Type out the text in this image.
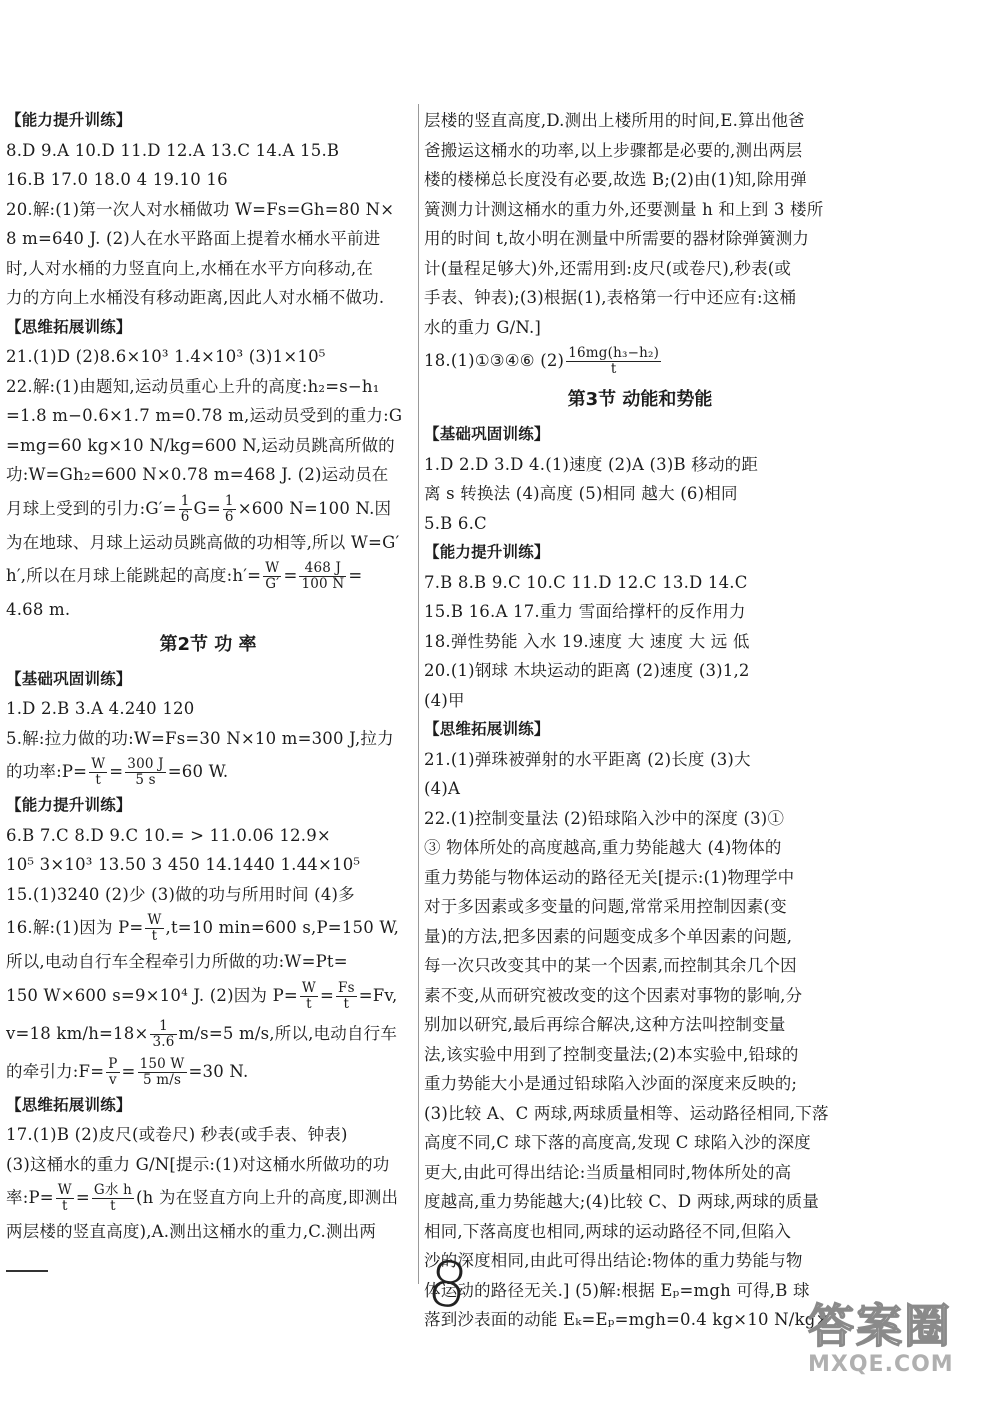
【能力提升训练】
8.D 9.A 10.D 11.D 12.A 13.C 14.A 15.B
16.B 17.0 18.0 4 19.10 16
20.解:(1)第一次人对水桶做功 W=Fs=Gh=80 N×
8 m=640 J. (2)人在水平路面上提着水桶水平前进
时,人对水桶的力竖直向上,水桶在水平方向移动,在
力的方向上水桶没有移动距离,因此人对水桶不做功.
【思维拓展训练】
21.(1)D (2)8.6×10³ 1.4×10³ (3)1×10⁵
22.解:(1)由题知,运动员重心上升的高度:h₂=s−h₁
=1.8 m−0.6×1.7 m=0.78 m,运动员受到的重力:G
=mg=60 kg×10 N/kg=600 N,运动员跳高所做的
功:W=Gh₂=600 N×0.78 m=468 J. (2)运动员在
月球上受到的引力:G′= $\frac{1}{6} G= \frac{1}{6} \times 600$ N=100 N.因
为在地球、月球上运动员跳高做的功相等,所以 W=G′
h′,所以在月球上能跳起的高度:h′= $\frac{W}{G'} = \frac{468 J}{100 N}$ =
4.68 m.
第2节 功 率
【基础巩固训练】
1.D 2.B 3.A 4.240 120
5.解:拉力做的功:W=Fs=30 N×10 m=300 J,拉力
的功率:P= $\frac{W}{t} = \frac{300 J}{5 s} =60$ W.
【能力提升训练】
6.B 7.C 8.D 9.C 10.= > 11.0.06 12.9×
10⁵ 3×10³ 13.50 3 450 14.1440 1.44×10⁵
15.(1)3240 (2)少 (3)做的功与所用时间 (4)多
16.解:(1)因为 $P= \frac{W}{t} ,t=10$ min=600 s,P=150 W,
所以,电动自行车全程牵引力所做的功:W=Pt=
150 W×600 s=9×10⁴ J. (2)因为 $P= \frac{W}{t} = \frac{Fs}{t} =Fv$,
v=18 $km/h=18\times \frac{1}{3.6} m/s=5$ m/s,所以,电动自行车
的牵引力:F= $\frac{P}{v} = \frac{150 W}{5 m/s} =30$ N.
【思维拓展训练】
17.(1)B (2)皮尺(或卷尺) 秒表(或手表、钟表)
(3)这桶水的重力 G/N[提示:(1)对这桶水所做功的功
率:P= $\frac{W}{t} = \frac{\text{G水 h}}{t} (h$ 为在竖直方向上升的高度,即测出
两层楼的竖直高度),A.测出这桶水的重力,C.测出两
层楼的竖直高度,D.测出上楼所用的时间,E.算出他爸
爸搬运这桶水的功率,以上步骤都是必要的,测出两层
楼的楼梯总长度没有必要,故选 B;(2)由(1)知,除用弹
簧测力计测这桶水的重力外,还要测量 h 和上到 3 楼所
用的时间 t,故小明在测量中所需要的器材除弹簧测力
计(量程足够大)外,还需用到:皮尺(或卷尺),秒表(或
手表、钟表);(3)根据(1),表格第一行中还应有:这桶
水的重力 G/N.]
18.(1)①③④⑥ $(2) \frac{\text{16mg(h₃−h₂)}}{t}$
第3节 动能和势能
【基础巩固训练】
1.D 2.D 3.D 4.(1)速度 (2)A (3)B 移动的距
离 s 转换法 (4)高度 (5)相同 越大 (6)相同
5.B 6.C
【能力提升训练】
7.B 8.B 9.C 10.C 11.D 12.C 13.D 14.C
15.B 16.A 17.重力 雪面给撑杆的反作用力
18.弹性势能 入水 19.速度 大 速度 大 远 低
20.(1)钢球 木块运动的距离 (2)速度 (3)1,2
(4)甲
【思维拓展训练】
21.(1)弹珠被弹射的水平距离 (2)长度 (3)大
(4)A
22.(1)控制变量法 (2)铅球陷入沙中的深度 (3)①
③ 物体所处的高度越高,重力势能越大 (4)物体的
重力势能与物体运动的路径无关[提示:(1)物理学中
对于多因素或多变量的问题,常常采用控制因素(变
量)的方法,把多因素的问题变成多个单因素的问题,
每一次只改变其中的某一个因素,而控制其余几个因
素不变,从而研究被改变的这个因素对事物的影响,分
别加以研究,最后再综合解决,这种方法叫控制变量
法,该实验中用到了控制变量法;(2)本实验中,铅球的
重力势能大小是通过铅球陷入沙面的深度来反映的;
(3)比较 A、C 两球,两球质量相等、运动路径相同,下落
高度不同,C 球下落的高度高,发现 C 球陷入沙的深度
更大,由此可得出结论:当质量相同时,物体所处的高
度越高,重力势能越大;(4)比较 C、D 两球,两球的质量
相同,下落高度也相同,两球的运动路径不同,但陷入
沙的深度相同,由此可得出结论:物体的重力势能与物
体运动的路径无关.] (5)解:根据 Eₚ=mgh 可得,B 球
落到沙表面的动能 Eₖ=Eₚ=mgh=0.4 kg×10 N/kg×
8
答案圈
MXQE.COM
